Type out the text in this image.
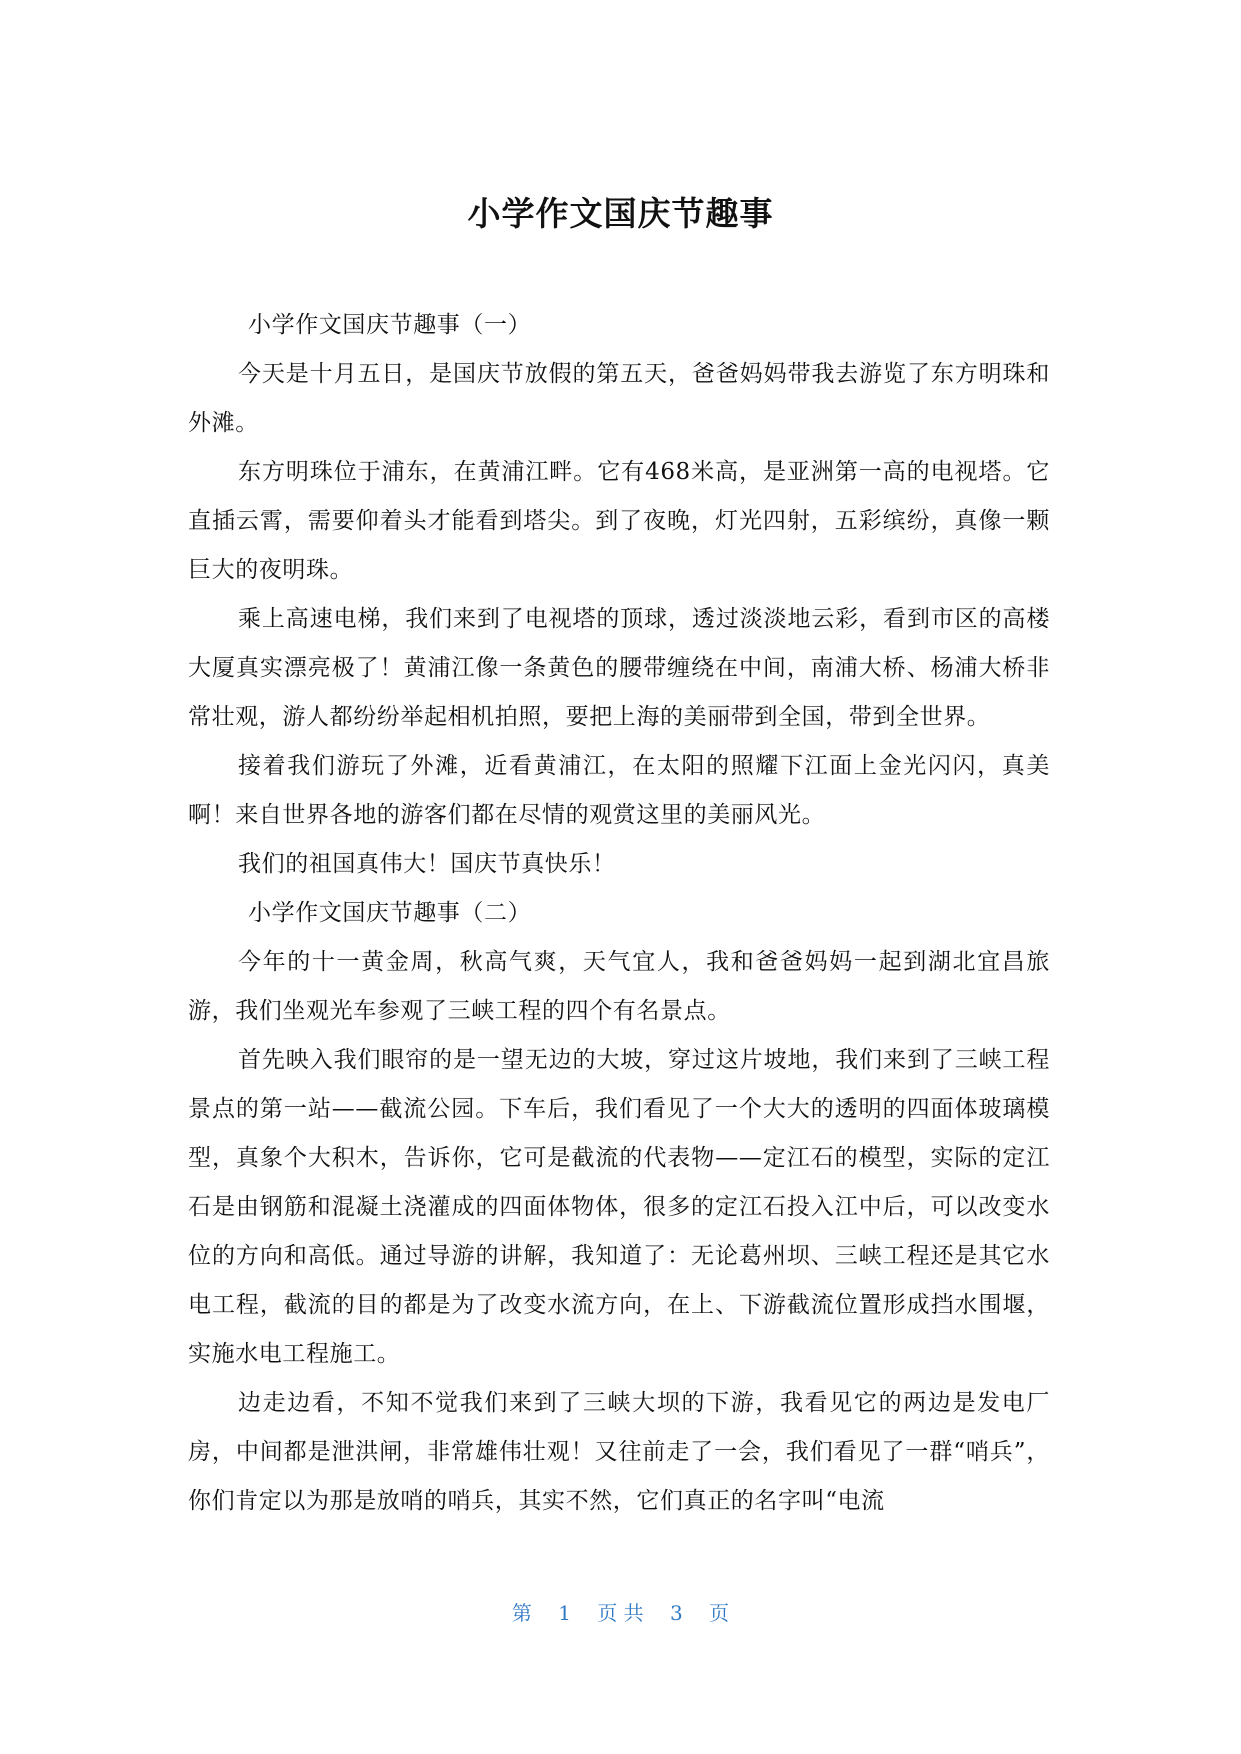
小学作文国庆节趣事

小学作文国庆节趣事（一）

今天是十月五日，是国庆节放假的第五天，爸爸妈妈带我去游览了东方明珠和外滩。

东方明珠位于浦东，在黄浦江畔。它有468米高，是亚洲第一高的电视塔。它直插云霄，需要仰着头才能看到塔尖。到了夜晚，灯光四射，五彩缤纷，真像一颗巨大的夜明珠。

乘上高速电梯，我们来到了电视塔的顶球，透过淡淡地云彩，看到市区的高楼大厦真实漂亮极了！黄浦江像一条黄色的腰带缠绕在中间，南浦大桥、杨浦大桥非常壮观，游人都纷纷举起相机拍照，要把上海的美丽带到全国，带到全世界。

接着我们游玩了外滩，近看黄浦江，在太阳的照耀下江面上金光闪闪，真美啊！来自世界各地的游客们都在尽情的观赏这里的美丽风光。

我们的祖国真伟大！国庆节真快乐！

小学作文国庆节趣事（二）

今年的十一黄金周，秋高气爽，天气宜人，我和爸爸妈妈一起到湖北宜昌旅游，我们坐观光车参观了三峡工程的四个有名景点。

首先映入我们眼帘的是一望无边的大坡，穿过这片坡地，我们来到了三峡工程景点的第一站——截流公园。下车后，我们看见了一个大大的透明的四面体玻璃模型，真象个大积木，告诉你，它可是截流的代表物——定江石的模型，实际的定江石是由钢筋和混凝土浇灌成的四面体物体，很多的定江石投入江中后，可以改变水位的方向和高低。通过导游的讲解，我知道了：无论葛州坝、三峡工程还是其它水电工程，截流的目的都是为了改变水流方向，在上、下游截流位置形成挡水围堰，实施水电工程施工。

边走边看，不知不觉我们来到了三峡大坝的下游，我看见它的两边是发电厂房，中间都是泄洪闸，非常雄伟壮观！又往前走了一会，我们看见了一群“哨兵”，你们肯定以为那是放哨的哨兵，其实不然，它们真正的名字叫“电流

第 1 页 共 3 页
